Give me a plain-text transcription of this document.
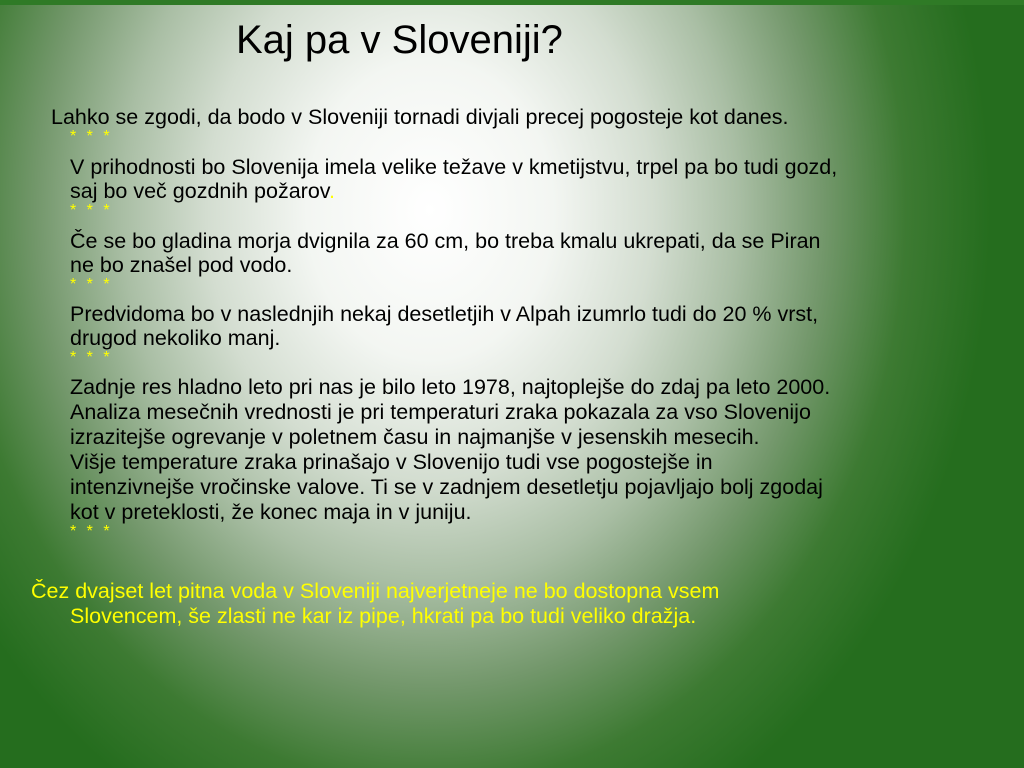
Kaj pa v Sloveniji?

Lahko se zgodi, da bodo v Sloveniji tornadi divjali precej pogosteje kot danes.

* * *

V prihodnosti bo Slovenija imela velike težave v kmetijstvu, trpel pa bo tudi gozd,

saj bo več gozdnih požarov.

* * *

Če se bo gladina morja dvignila za 60 cm, bo treba kmalu ukrepati, da se Piran

ne bo znašel pod vodo.

* * *

Predvidoma bo v naslednjih nekaj desetletjih v Alpah izumrlo tudi do 20 % vrst,

drugod nekoliko manj.

* * *

Zadnje res hladno leto pri nas je bilo leto 1978, najtoplejše do zdaj pa leto 2000.

Analiza mesečnih vrednosti je pri temperaturi zraka pokazala za vso Slovenijo

izrazitejše ogrevanje v poletnem času in najmanjše v jesenskih mesecih.

Višje temperature zraka prinašajo v Slovenijo tudi vse pogostejše in

intenzivnejše vročinske valove. Ti se v zadnjem desetletju pojavljajo bolj zgodaj

kot v preteklosti, že konec maja in v juniju.

* * *

Čez dvajset let pitna voda v Sloveniji najverjetneje ne bo dostopna vsem

Slovencem, še zlasti ne kar iz pipe, hkrati pa bo tudi veliko dražja.
